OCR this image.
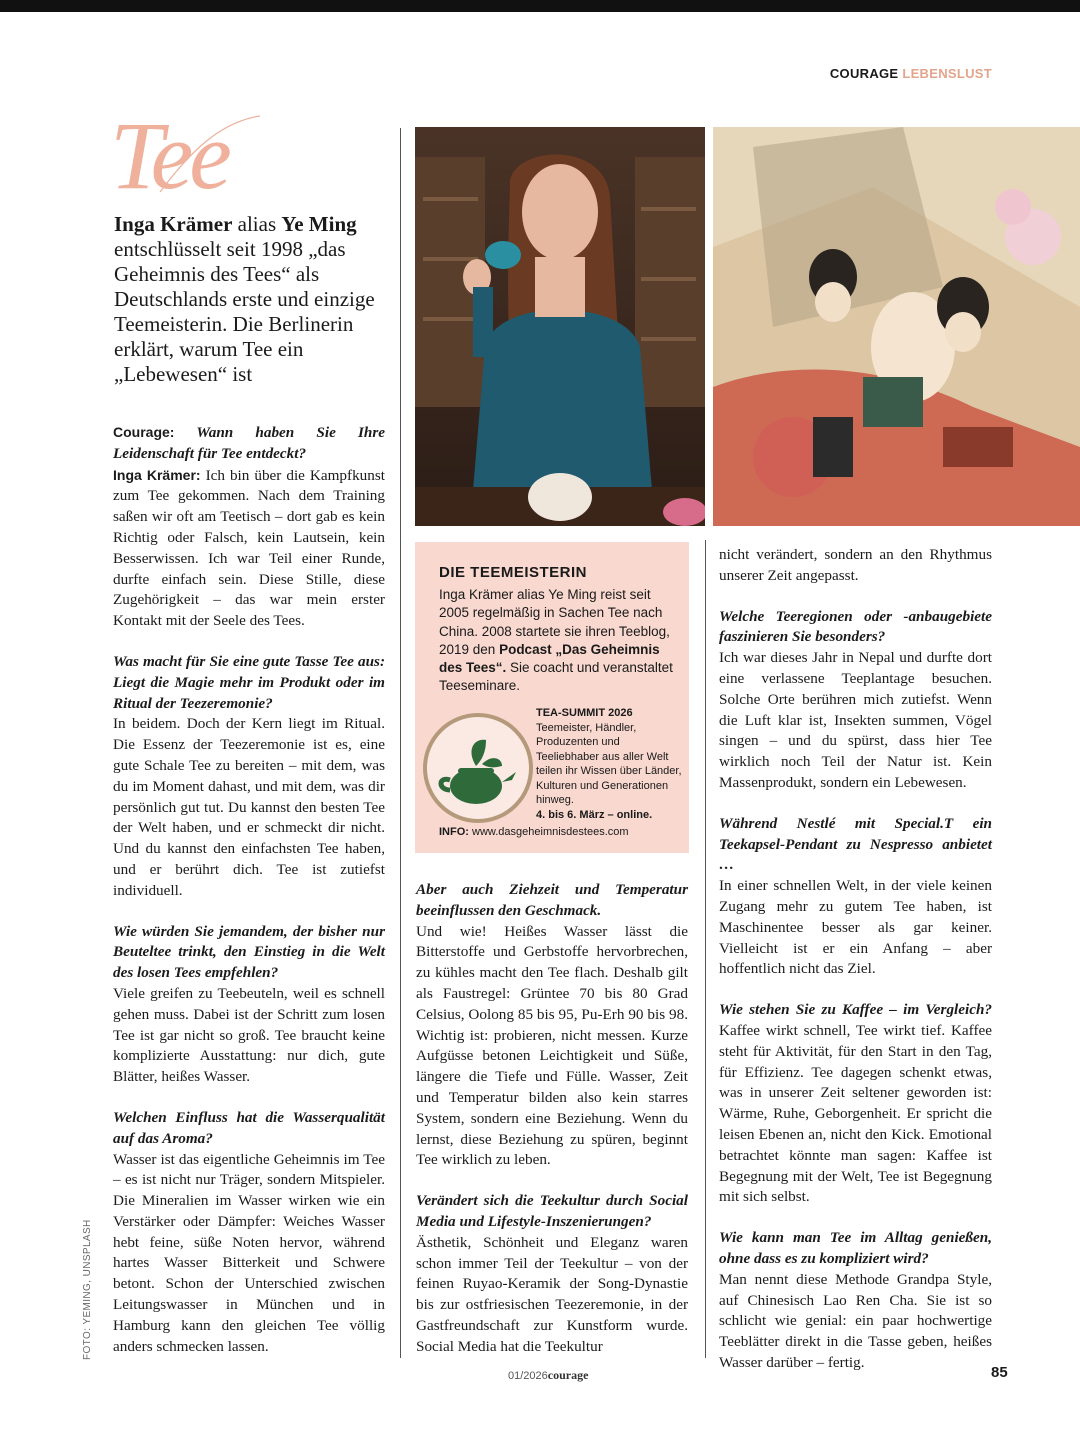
COURAGE LEBENSLUST
Tee
Inga Krämer alias Ye Ming entschlüsselt seit 1998 „das Geheimnis des Tees“ als Deutschlands erste und einzige Teemeisterin. Die Berlinerin erklärt, warum Tee ein „Lebewesen“ ist

Courage: Wann haben Sie Ihre Leidenschaft für Tee entdeckt?

Inga Krämer: Ich bin über die Kampfkunst zum Tee gekommen. Nach dem Training saßen wir oft am Teetisch – dort gab es kein Richtig oder Falsch, kein Lautsein, kein Besserwissen. Ich war Teil einer Runde, durfte einfach sein. Diese Stille, diese Zugehörigkeit – das war mein erster Kontakt mit der Seele des Tees.

Was macht für Sie eine gute Tasse Tee aus: Liegt die Magie mehr im Produkt oder im Ritual der Teezeremonie?

In beidem. Doch der Kern liegt im Ritual. Die Essenz der Teezeremonie ist es, eine gute Schale Tee zu bereiten – mit dem, was du im Moment dahast, und mit dem, was dir persönlich gut tut. Du kannst den besten Tee der Welt haben, und er schmeckt dir nicht. Und du kannst den einfachsten Tee haben, und er berührt dich. Tee ist zutiefst individuell.

Wie würden Sie jemandem, der bisher nur Beuteltee trinkt, den Einstieg in die Welt des losen Tees empfehlen?

Viele greifen zu Teebeuteln, weil es schnell gehen muss. Dabei ist der Schritt zum losen Tee ist gar nicht so groß. Tee braucht keine komplizierte Ausstattung: nur dich, gute Blätter, heißes Wasser.

Welchen Einfluss hat die Wasserqualität auf das Aroma?

Wasser ist das eigentliche Geheimnis im Tee – es ist nicht nur Träger, sondern Mitspieler. Die Mineralien im Wasser wirken wie ein Verstärker oder Dämpfer: Weiches Wasser hebt feine, süße Noten hervor, während hartes Wasser Bitterkeit und Schwere betont. Schon der Unterschied zwischen Leitungswasser in München und in Hamburg kann den gleichen Tee völlig anders schmecken lassen.

DIE TEEMEISTERIN
Inga Krämer alias Ye Ming reist seit 2005 regelmäßig in Sachen Tee nach China. 2008 startete sie ihren Teeblog, 2019 den Podcast „Das Geheimnis des Tees“. Sie coacht und veranstaltet Teeseminare.
TEA-SUMMIT 2026
Teemeister, Händler, Produzenten und Teeliebhaber aus aller Welt teilen ihr Wissen über Länder, Kulturen und Generationen hinweg.
4. bis 6. März – online.
INFO: www.dasgeheimnisdestees.com

Aber auch Ziehzeit und Temperatur beeinflussen den Geschmack.

Und wie! Heißes Wasser lässt die Bitterstoffe und Gerbstoffe hervorbrechen, zu kühles macht den Tee flach. Deshalb gilt als Faustregel: Grüntee 70 bis 80 Grad Celsius, Oolong 85 bis 95, Pu-Erh 90 bis 98. Wichtig ist: probieren, nicht messen. Kurze Aufgüsse betonen Leichtigkeit und Süße, längere die Tiefe und Fülle. Wasser, Zeit und Temperatur bilden also kein starres System, sondern eine Beziehung. Wenn du lernst, diese Beziehung zu spüren, beginnt Tee wirklich zu leben.

Verändert sich die Teekultur durch Social Media und Lifestyle-Inszenierungen?

Ästhetik, Schönheit und Eleganz waren schon immer Teil der Teekultur – von der feinen Ruyao-Keramik der Song-Dynastie bis zur ostfriesischen Teezeremonie, in der Gastfreundschaft zur Kunstform wurde. Social Media hat die Teekultur

nicht verändert, sondern an den Rhythmus unserer Zeit angepasst.

Welche Teeregionen oder -anbaugebiete faszinieren Sie besonders?

Ich war dieses Jahr in Nepal und durfte dort eine verlassene Teeplantage besuchen. Solche Orte berühren mich zutiefst. Wenn die Luft klar ist, Insekten summen, Vögel singen – und du spürst, dass hier Tee wirklich noch Teil der Natur ist. Kein Massenprodukt, sondern ein Lebewesen.

Während Nestlé mit Special.T ein Teekapsel-Pendant zu Nespresso anbietet …

In einer schnellen Welt, in der viele keinen Zugang mehr zu gutem Tee haben, ist Maschinentee besser als gar keiner. Vielleicht ist er ein Anfang – aber hoffentlich nicht das Ziel.

Wie stehen Sie zu Kaffee – im Vergleich? Kaffee wirkt schnell, Tee wirkt tief. Kaffee steht für Aktivität, für den Start in den Tag, für Effizienz. Tee dagegen schenkt etwas, was in unserer Zeit seltener geworden ist: Wärme, Ruhe, Geborgenheit. Er spricht die leisen Ebenen an, nicht den Kick. Emotional betrachtet könnte man sagen: Kaffee ist Begegnung mit der Welt, Tee ist Begegnung mit sich selbst.

Wie kann man Tee im Alltag genießen, ohne dass es zu kompliziert wird?

Man nennt diese Methode Grandpa Style, auf Chinesisch Lao Ren Cha. Sie ist so schlicht wie genial: ein paar hochwertige Teeblätter direkt in die Tasse geben, heißes Wasser darüber – fertig.

FOTO: YEMING, UNSPLASH
01/2026courage	85
